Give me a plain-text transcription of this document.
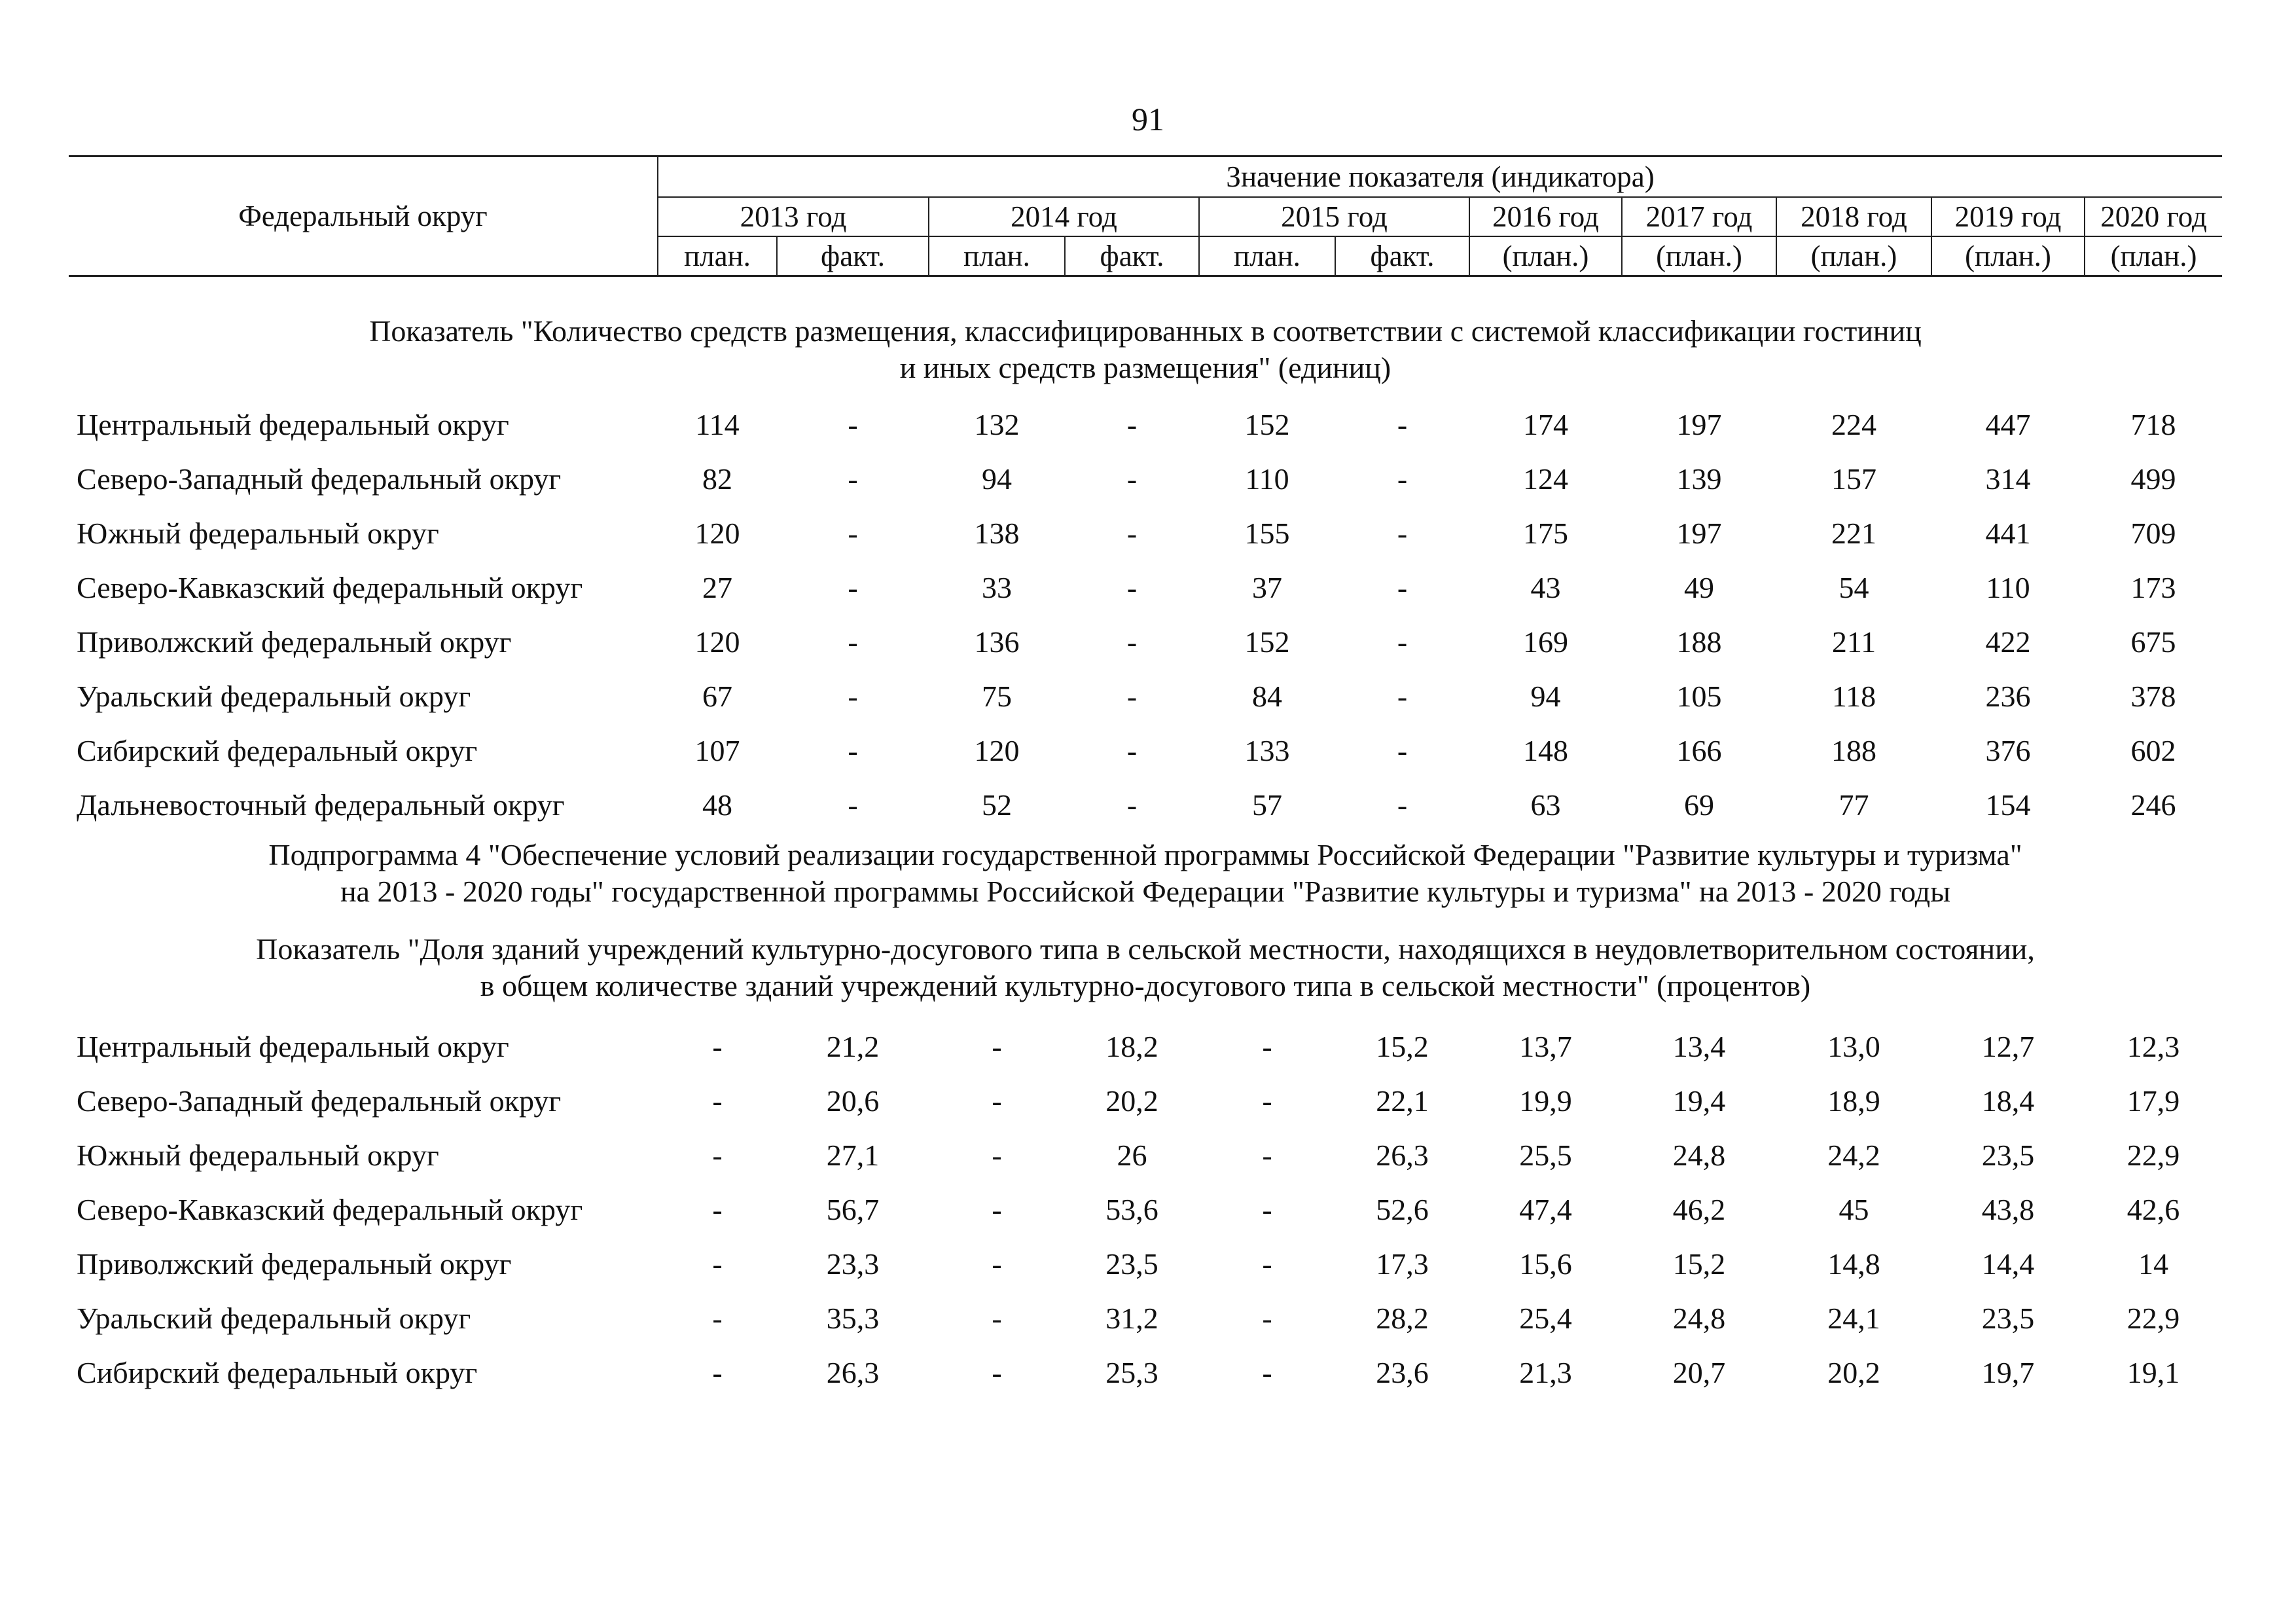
91
Федеральный округ	Значение показателя (индикатора)										
	2013 год		2014 год		2015 год		2016 год	2017 год	2018 год	2019 год	2020 год
	план.	факт.	план.	факт.	план.	факт.	(план.)	(план.)	(план.)	(план.)	(план.)
Показатель "Количество средств размещения, классифицированных в соответствии с системой классификации гостиниц
и иных средств размещения" (единиц)
Центральный федеральный округ	114	-	132	-	152	-	174	197	224	447	718
Северо-Западный федеральный округ	82	-	94	-	110	-	124	139	157	314	499
Южный федеральный округ	120	-	138	-	155	-	175	197	221	441	709
Северо-Кавказский федеральный округ	27	-	33	-	37	-	43	49	54	110	173
Приволжский федеральный округ	120	-	136	-	152	-	169	188	211	422	675
Уральский федеральный округ	67	-	75	-	84	-	94	105	118	236	378
Сибирский федеральный округ	107	-	120	-	133	-	148	166	188	376	602
Дальневосточный федеральный округ	48	-	52	-	57	-	63	69	77	154	246
Подпрограмма 4 "Обеспечение условий реализации государственной программы Российской Федерации "Развитие культуры и туризма"
на 2013 - 2020 годы" государственной программы Российской Федерации "Развитие культуры и туризма" на 2013 - 2020 годы
Показатель "Доля зданий учреждений культурно-досугового типа в сельской местности, находящихся в неудовлетворительном состоянии,
в общем количестве зданий учреждений культурно-досугового типа в сельской местности" (процентов)
Центральный федеральный округ	-	21,2	-	18,2	-	15,2	13,7	13,4	13,0	12,7	12,3
Северо-Западный федеральный округ	-	20,6	-	20,2	-	22,1	19,9	19,4	18,9	18,4	17,9
Южный федеральный округ	-	27,1	-	26	-	26,3	25,5	24,8	24,2	23,5	22,9
Северо-Кавказский федеральный округ	-	56,7	-	53,6	-	52,6	47,4	46,2	45	43,8	42,6
Приволжский федеральный округ	-	23,3	-	23,5	-	17,3	15,6	15,2	14,8	14,4	14
Уральский федеральный округ	-	35,3	-	31,2	-	28,2	25,4	24,8	24,1	23,5	22,9
Сибирский федеральный округ	-	26,3	-	25,3	-	23,6	21,3	20,7	20,2	19,7	19,1
